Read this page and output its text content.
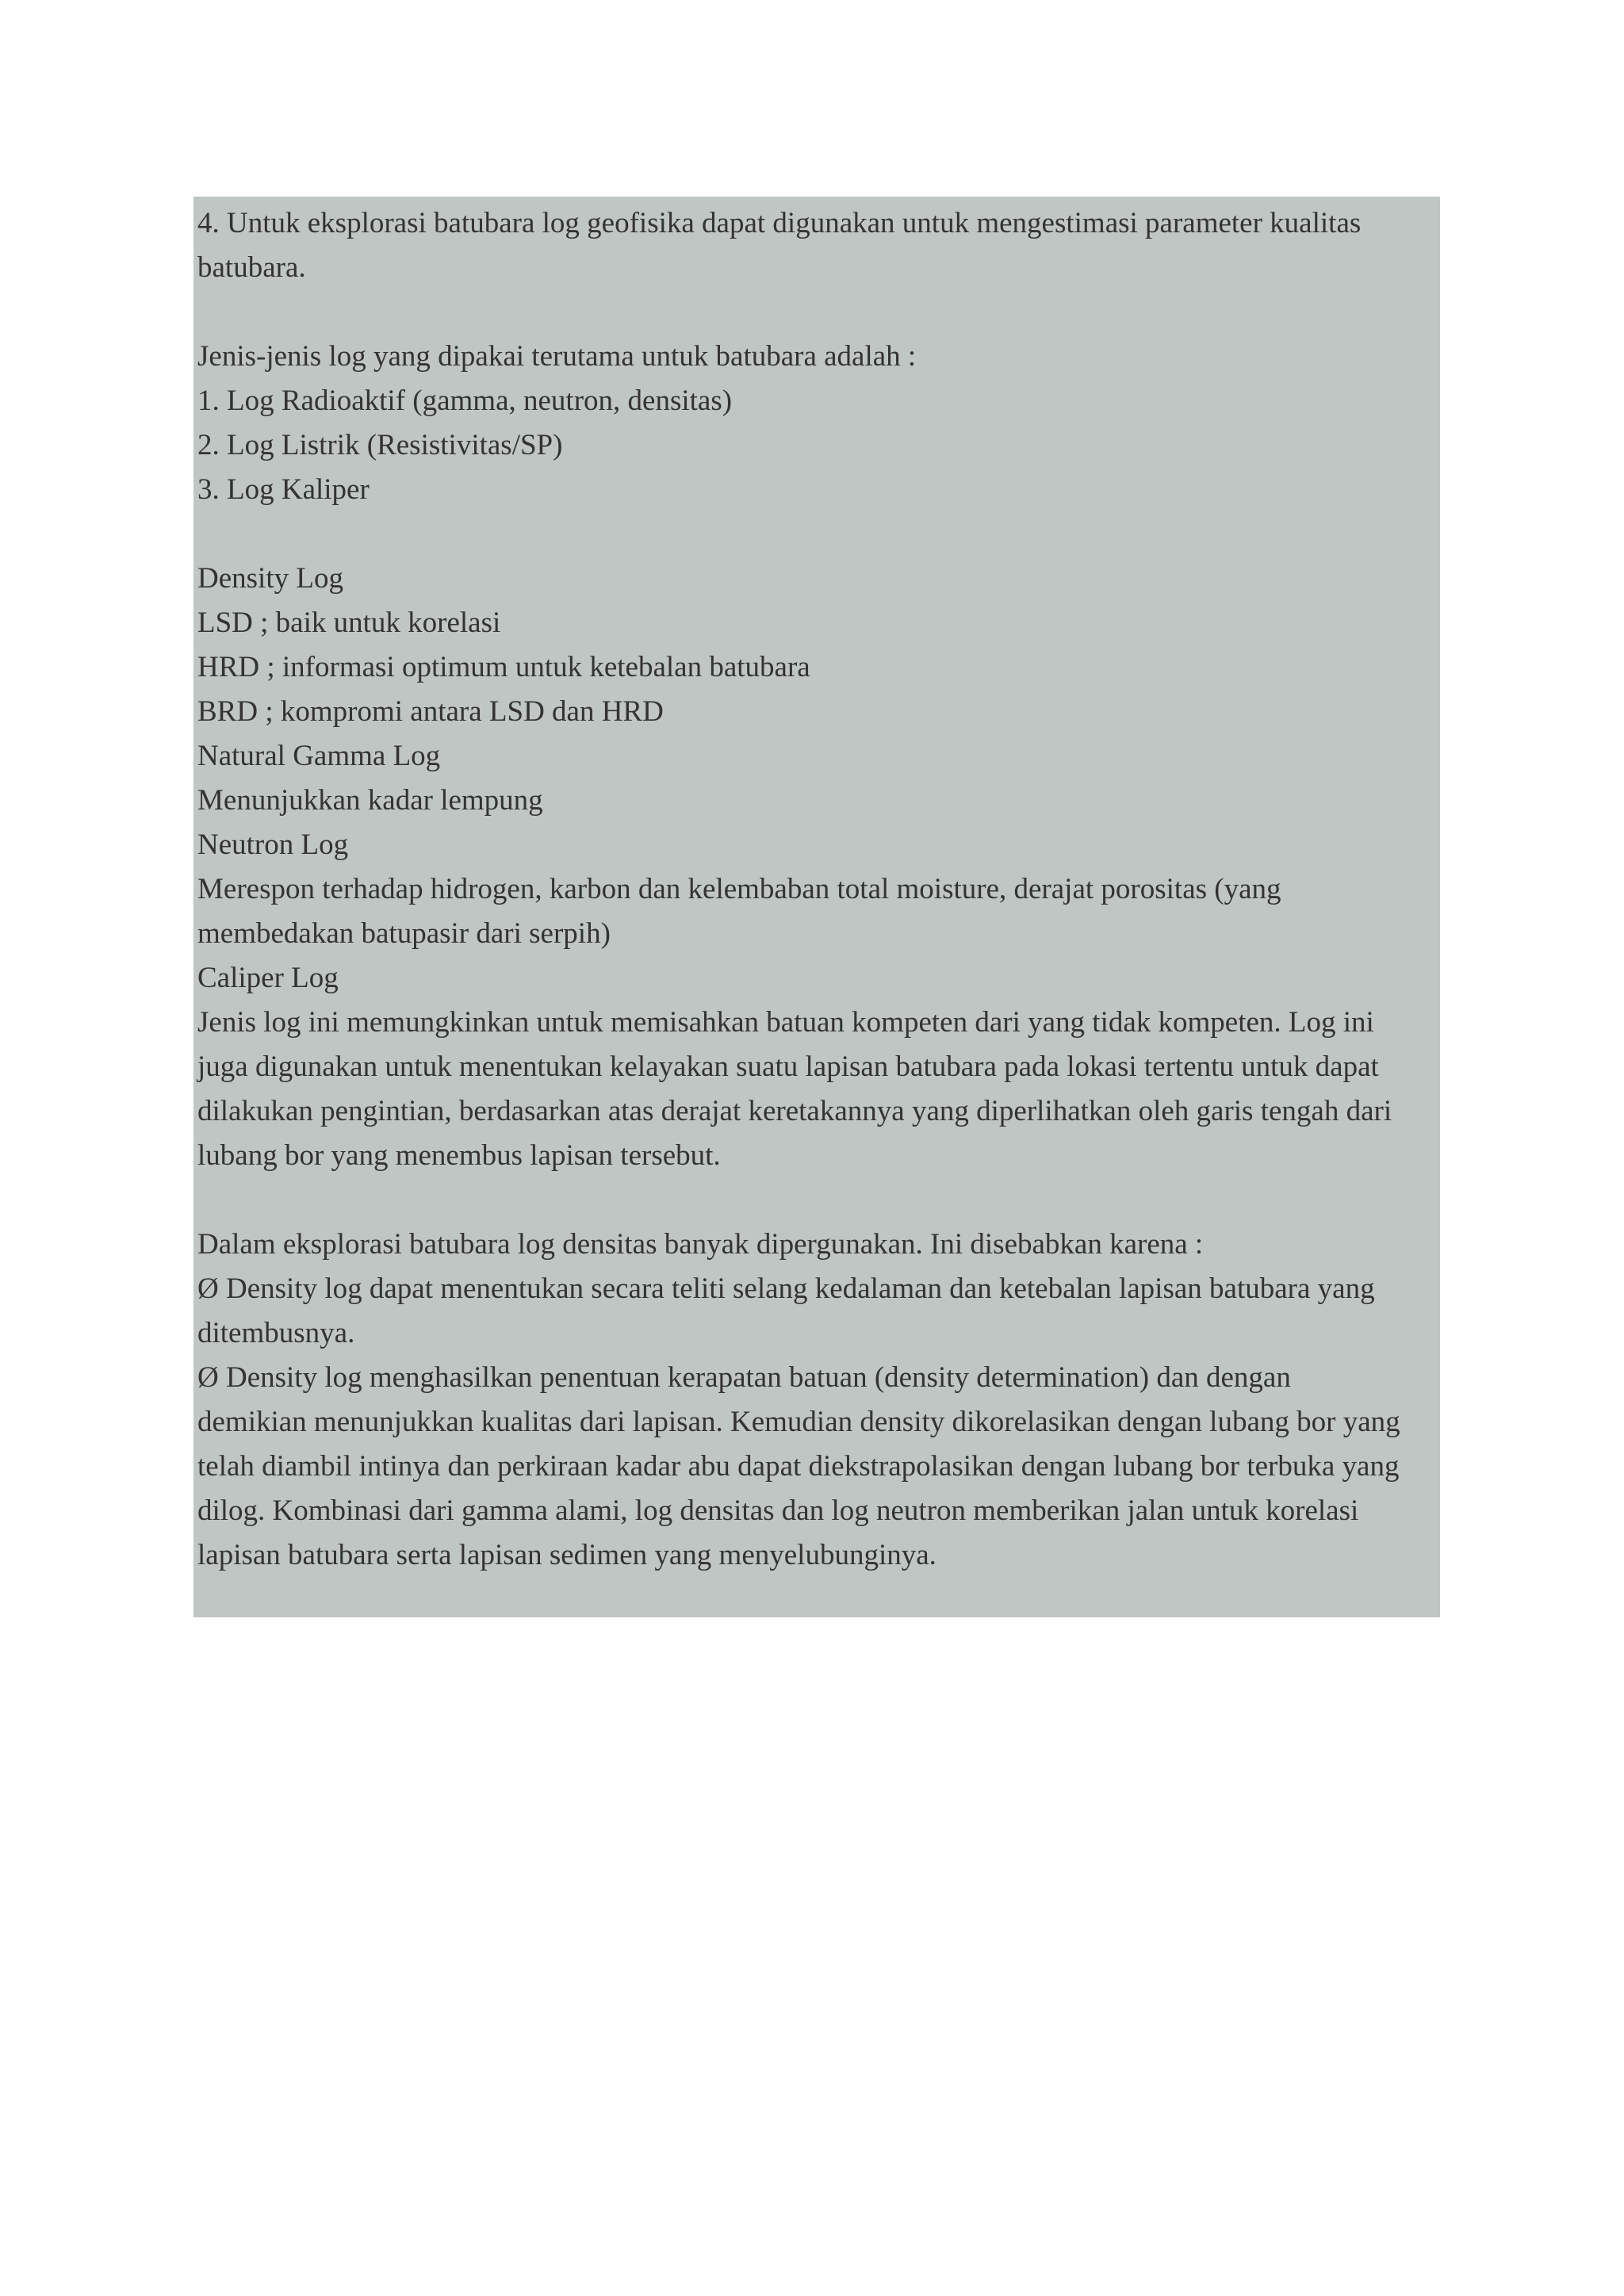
4. Untuk eksplorasi batubara log geofisika dapat digunakan untuk mengestimasi parameter kualitas
batubara.

Jenis-jenis log yang dipakai terutama untuk batubara adalah :
1. Log Radioaktif (gamma, neutron, densitas)
2. Log Listrik (Resistivitas/SP)
3. Log Kaliper

Density Log
LSD ; baik untuk korelasi
HRD ; informasi optimum untuk ketebalan batubara
BRD ; kompromi antara LSD dan HRD
Natural Gamma Log
Menunjukkan kadar lempung
Neutron Log
Merespon terhadap hidrogen, karbon dan kelembaban total moisture, derajat porositas (yang
membedakan batupasir dari serpih)
Caliper Log
Jenis log ini memungkinkan untuk memisahkan batuan kompeten dari yang tidak kompeten. Log ini
juga digunakan untuk menentukan kelayakan suatu lapisan batubara pada lokasi tertentu untuk dapat
dilakukan pengintian, berdasarkan atas derajat keretakannya yang diperlihatkan oleh garis tengah dari
lubang bor yang menembus lapisan tersebut.

Dalam eksplorasi batubara log densitas banyak dipergunakan. Ini disebabkan karena :
Ø Density log dapat menentukan secara teliti selang kedalaman dan ketebalan lapisan batubara yang
ditembusnya.
Ø Density log menghasilkan penentuan kerapatan batuan (density determination) dan dengan
demikian menunjukkan kualitas dari lapisan. Kemudian density dikorelasikan dengan lubang bor yang
telah diambil intinya dan perkiraan kadar abu dapat diekstrapolasikan dengan lubang bor terbuka yang
dilog. Kombinasi dari gamma alami, log densitas dan log neutron memberikan jalan untuk korelasi
lapisan batubara serta lapisan sedimen yang menyelubunginya.
